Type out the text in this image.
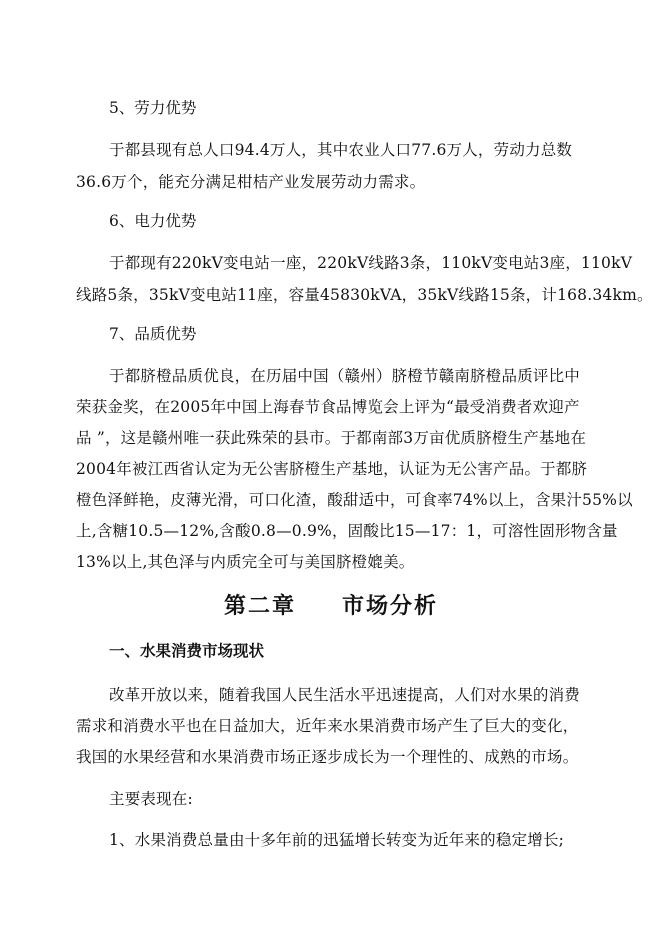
5、劳力优势
于都县现有总人口94.4万人，其中农业人口77.6万人，劳动力总数
36.6万个，能充分满足柑桔产业发展劳动力需求。
6、电力优势
于都现有220kV变电站一座，220kV线路3条，110kV变电站3座，110kV
线路5条，35kV变电站11座，容量45830kVA，35kV线路15条，计168.34km。
7、品质优势
于都脐橙品质优良，在历届中国（赣州）脐橙节赣南脐橙品质评比中
荣获金奖，在2005年中国上海春节食品博览会上评为“最受消费者欢迎产
品 ”，这是赣州唯一获此殊荣的县市。于都南部3万亩优质脐橙生产基地在
2004年被江西省认定为无公害脐橙生产基地，认证为无公害产品。于都脐
橙色泽鲜艳，皮薄光滑，可口化渣，酸甜适中，可食率74%以上，含果汁55%以
上,含糖10.5—12%,含酸0.8—0.9%，固酸比15—17：1，可溶性固形物含量
13%以上,其色泽与内质完全可与美国脐橙媲美。
第二章 市场分析
一、水果消费市场现状
改革开放以来，随着我国人民生活水平迅速提高，人们对水果的消费
需求和消费水平也在日益加大，近年来水果消费市场产生了巨大的变化，
我国的水果经营和水果消费市场正逐步成长为一个理性的、成熟的市场。
主要表现在:
1、水果消费总量由十多年前的迅猛增长转变为近年来的稳定增长;
